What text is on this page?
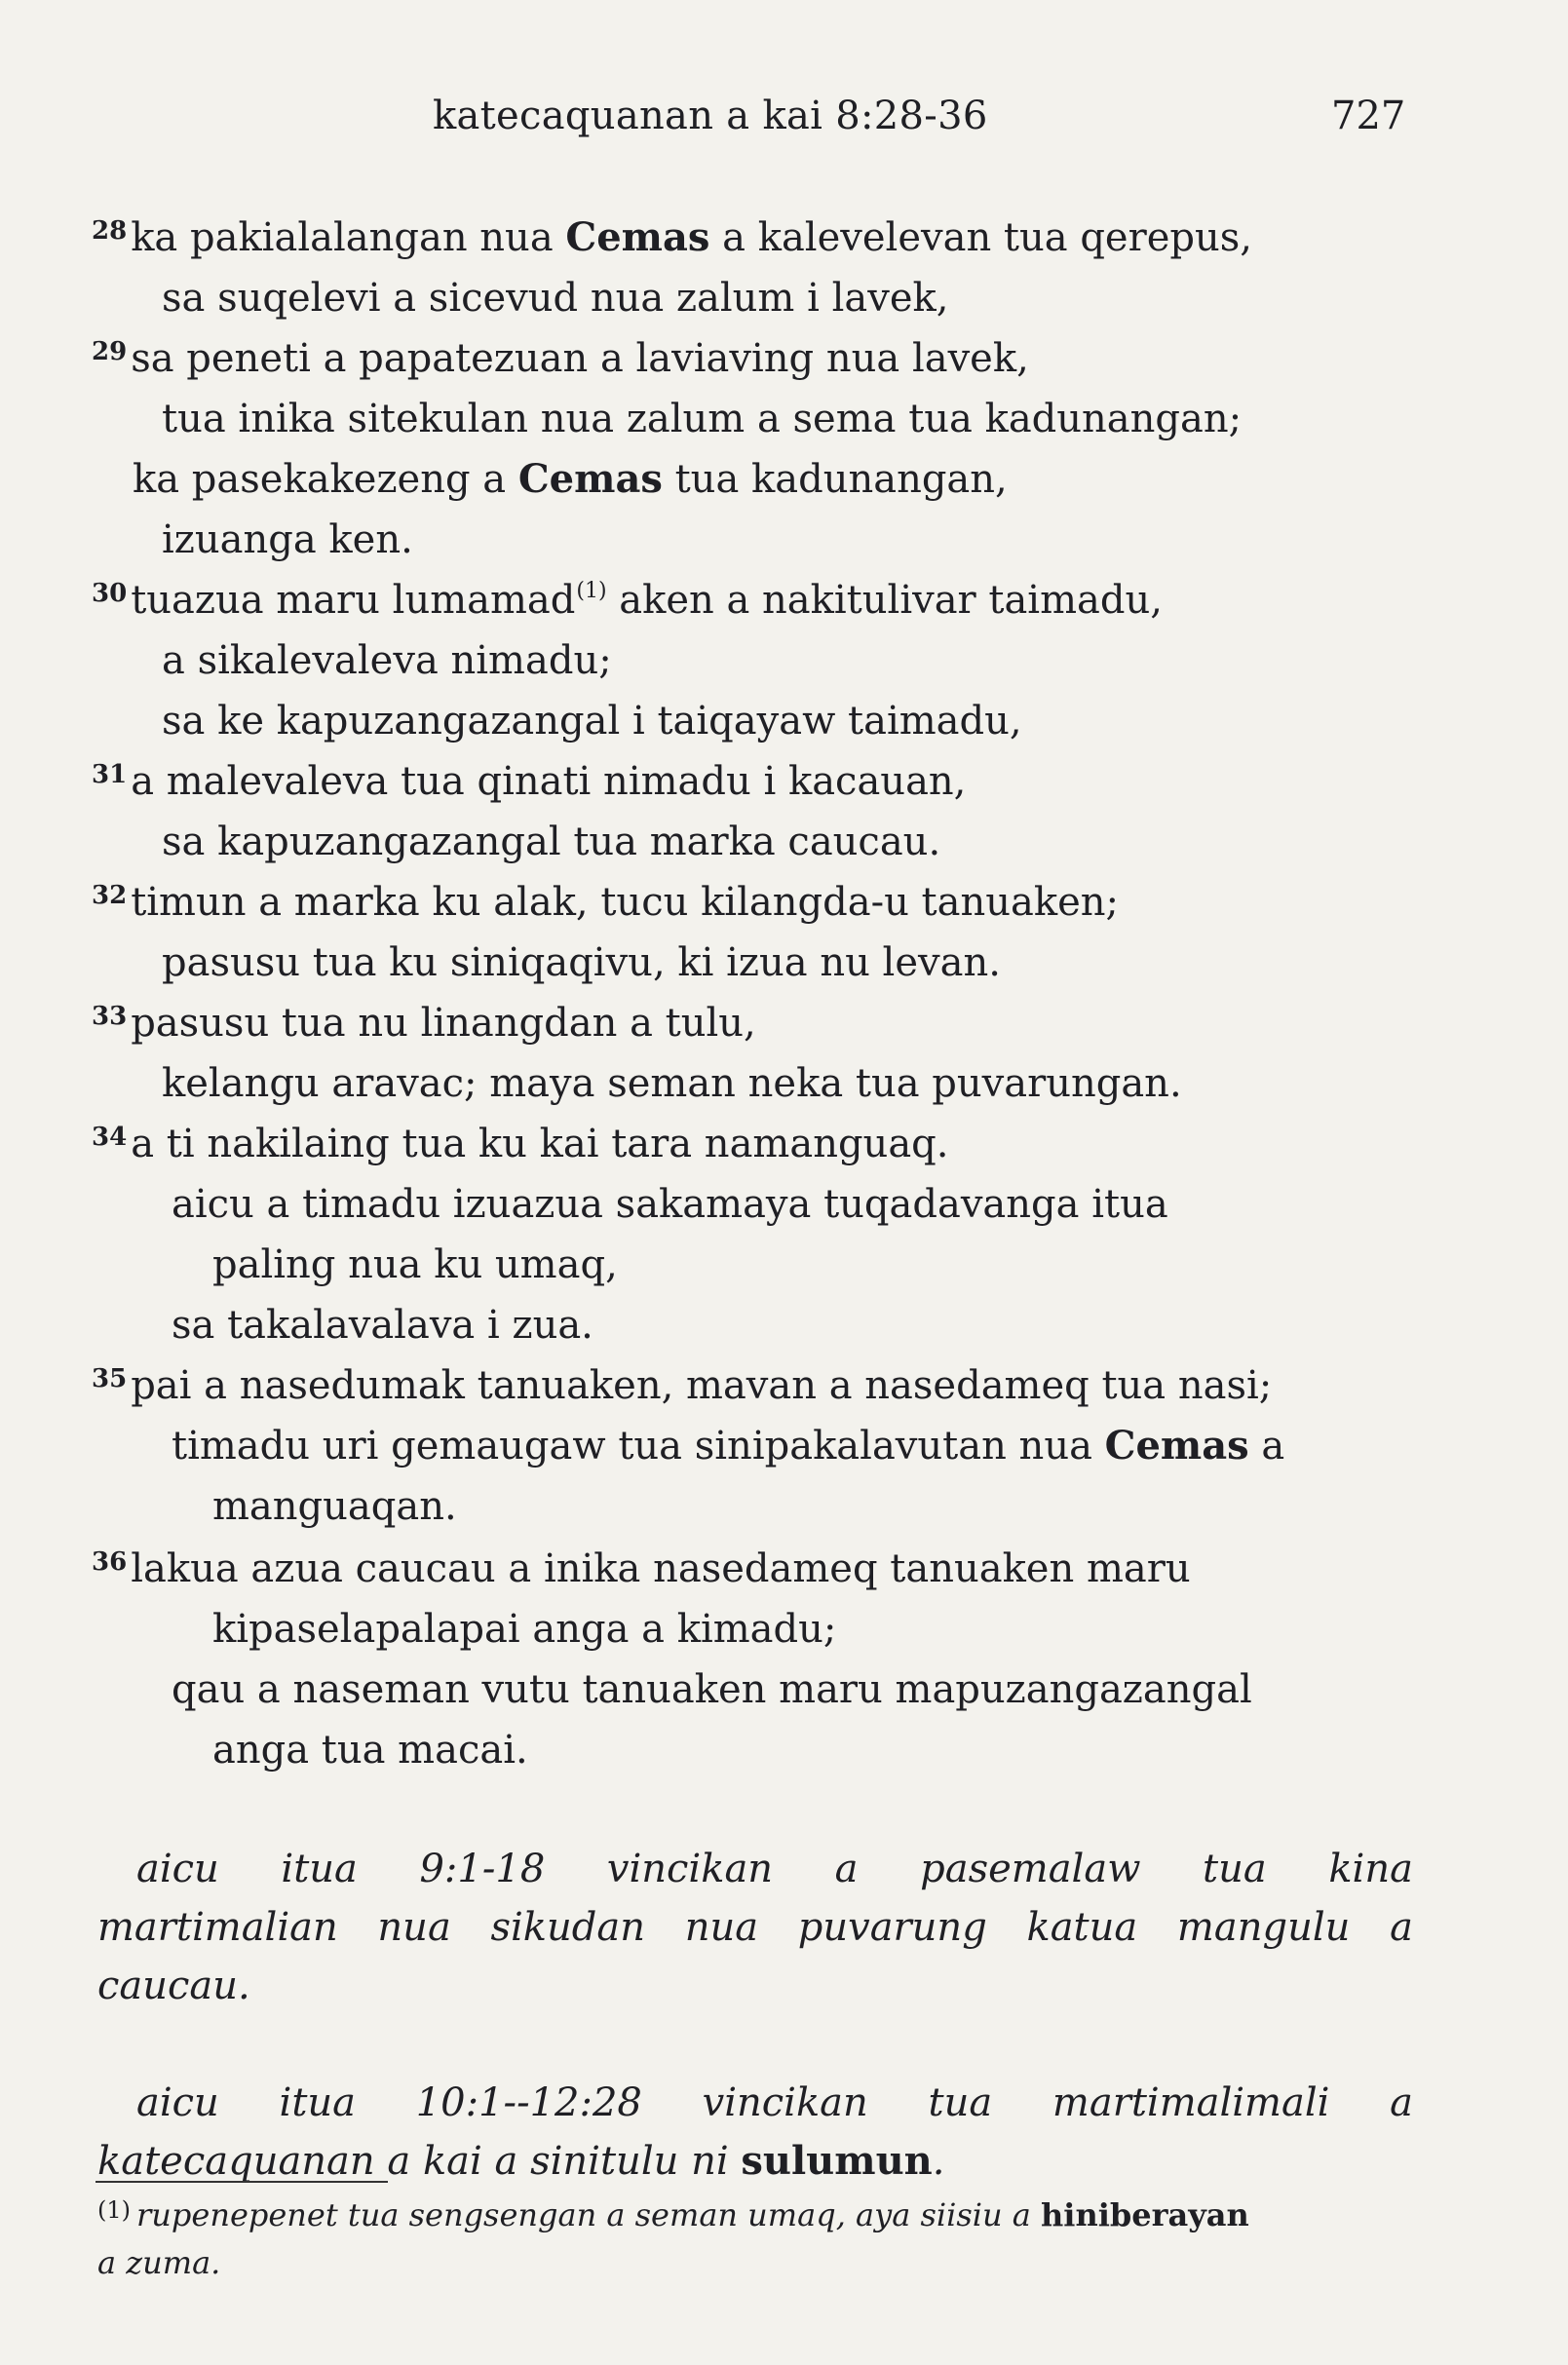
katecaquanan a kai 8:28-36	727
$^{28}$ ka pakialalangan nua Cemas a kalevelevan tua qerepus,
sa suqelevi a sicevud nua zalum i lavek,
$^{29}$ sa peneti a papatezuan a laviaving nua lavek,
tua inika sitekulan nua zalum a sema tua kadunangan;
ka pasekakezeng a Cemas tua kadunangan,
izuanga ken.
$^{30}$ tuazua maru lumamad$^{(1)}$ aken a nakitulivar taimadu,
a sikalevaleva nimadu;
sa ke kapuzangazangal i taiqayaw taimadu,
$^{31}$ a malevaleva tua qinati nimadu i kacauan,
sa kapuzangazangal tua marka caucau.
$^{32}$ timun a marka ku alak, tucu kilangda-u tanuaken;
pasusu tua ku siniqaqivu, ki izua nu levan.
$^{33}$ pasusu tua nu linangdan a tulu,
kelangu aravac; maya seman neka tua puvarungan.
$^{34}$ a ti nakilaing tua ku kai tara namanguaq.
aicu a timadu izuazua sakamaya tuqadavanga itua
paling nua ku umaq,
sa takalavalava i zua.
$^{35}$ pai a nasedumak tanuaken, mavan a nasedameq tua nasi;
timadu uri gemaugaw tua sinipakalavutan nua Cemas a
manguaqan.
$^{36}$ lakua azua caucau a inika nasedameq tanuaken maru
kipaselapalapai anga a kimadu;
qau a naseman vutu tanuaken maru mapuzangazangal
anga tua macai.
aicu itua 9:1-18 vincikan a pasemalaw tua kina
martimalian nua sikudan nua puvarung katua mangulu a
caucau.
aicu itua 10:1--12:28 vincikan tua martimalimali a
katecaquanan a kai a sinitulu ni sulumun.
$^{(1)}$ rupenepenet tua sengsengan a seman umaq, aya siisiu a hiniberayan
a zuma.
